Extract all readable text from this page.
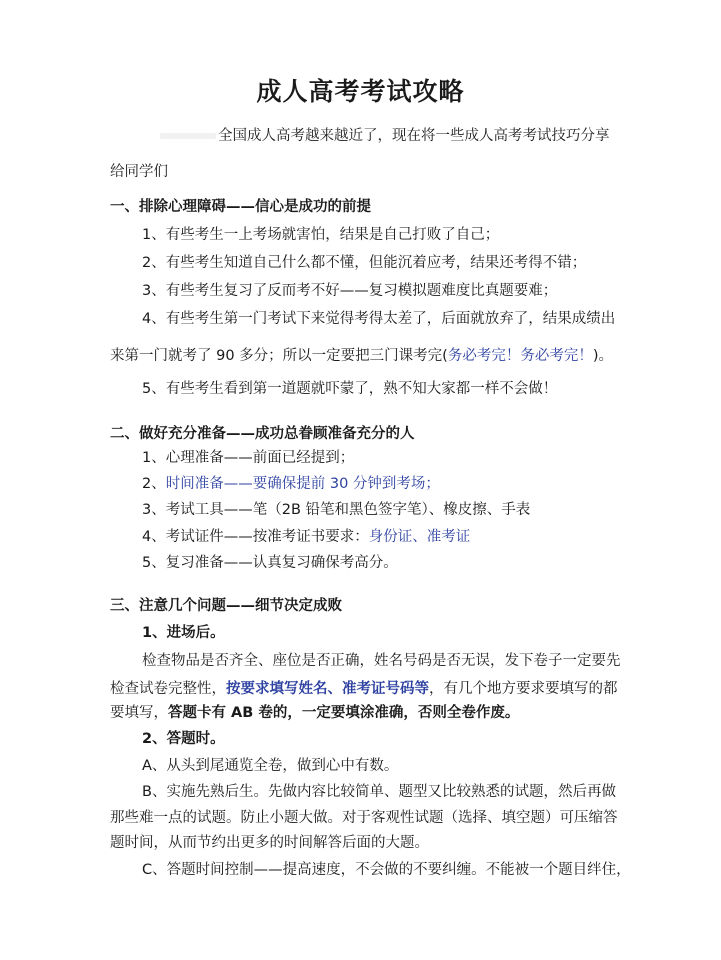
成人高考考试攻略
全国成人高考越来越近了，现在将一些成人高考考试技巧分享
给同学们
一、排除心理障碍——信心是成功的前提
1、有些考生一上考场就害怕，结果是自己打败了自己；
2、有些考生知道自己什么都不懂，但能沉着应考，结果还考得不错；
3、有些考生复习了反而考不好——复习模拟题难度比真题要难；
4、有些考生第一门考试下来觉得考得太差了，后面就放弃了，结果成绩出
来第一门就考了 90 多分；所以一定要把三门课考完(务必考完！务必考完！)。
5、有些考生看到第一道题就吓蒙了，熟不知大家都一样不会做！
二、做好充分准备——成功总眷顾准备充分的人
1、心理准备——前面已经提到；
2、时间准备——要确保提前 30 分钟到考场；
3、考试工具——笔（2B 铅笔和黑色签字笔）、橡皮擦、手表
4、考试证件——按准考证书要求：身份证、准考证
5、复习准备——认真复习确保考高分。
三、注意几个问题——细节决定成败
1、进场后。
检查物品是否齐全、座位是否正确，姓名号码是否无误，发下卷子一定要先
检查试卷完整性，按要求填写姓名、准考证号码等，有几个地方要求要填写的都
要填写，答题卡有 AB 卷的，一定要填涂准确，否则全卷作废。
2、答题时。
A、从头到尾通览全卷，做到心中有数。
B、实施先熟后生。先做内容比较简单、题型又比较熟悉的试题，然后再做
那些难一点的试题。防止小题大做。对于客观性试题（选择、填空题）可压缩答
题时间，从而节约出更多的时间解答后面的大题。
C、答题时间控制——提高速度，不会做的不要纠缠。不能被一个题目绊住，
